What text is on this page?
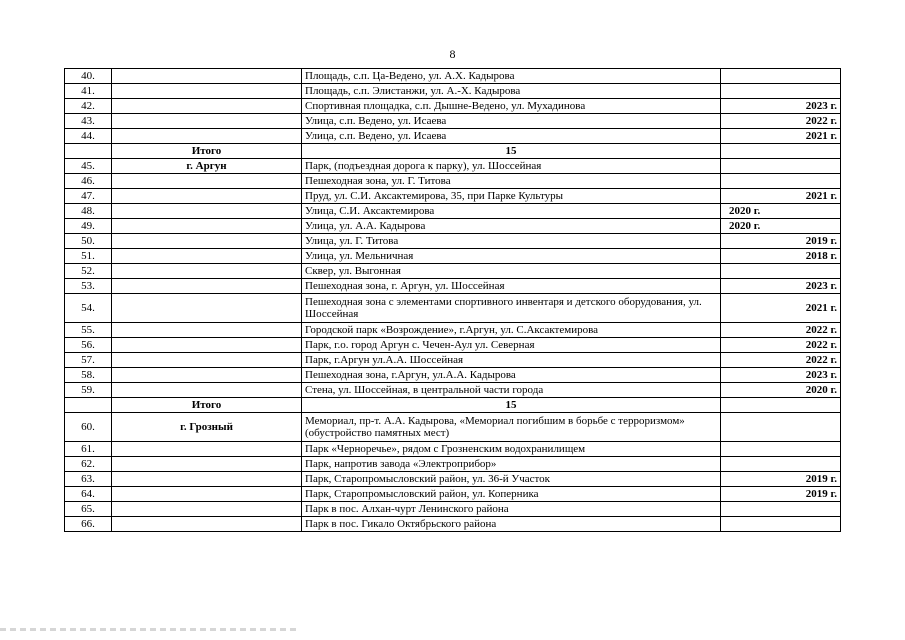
8
40.		Площадь, с.п. Ца-Ведено, ул. А.Х. Кадырова	
41.		Площадь, с.п. Элистанжи, ул. А.-Х. Кадырова	
42.		Спортивная площадка, с.п. Дышне-Ведено, ул. Мухадинова	2023 г.
43.		Улица, с.п. Ведено, ул. Исаева	2022 г.
44.		Улица, с.п. Ведено, ул. Исаева	2021 г.
	Итого	15	
45.	г. Аргун	Парк, (подъездная дорога к парку), ул. Шоссейная	
46.		Пешеходная зона, ул. Г. Титова	
47.		Пруд, ул. С.И. Аксактемирова, 35, при Парке Культуры	2021 г.
48.		Улица, С.И. Аксактемирова	2020 г.
49.		Улица, ул. А.А. Кадырова	2020 г.
50.		Улица, ул. Г. Титова	2019 г.
51.		Улица, ул. Мельничная	2018 г.
52.		Сквер, ул. Выгонная	
53.		Пешеходная зона, г. Аргун, ул. Шоссейная	2023 г.
54.		Пешеходная зона с элементами спортивного инвентаря и детского оборудования, ул. Шоссейная	2021 г.
55.		Городской парк «Возрождение», г.Аргун, ул. С.Аксактемирова	2022 г.
56.		Парк, г.о. город Аргун с. Чечен-Аул ул. Северная	2022 г.
57.		Парк, г.Аргун ул.А.А. Шоссейная	2022 г.
58.		Пешеходная зона, г.Аргун, ул.А.А. Кадырова	2023 г.
59.		Стена, ул. Шоссейная, в центральной части города	2020 г.
	Итого	15	
60.	г. Грозный	Мемориал, пр-т. А.А. Кадырова, «Мемориал погибшим в борьбе с терроризмом» (обустройство памятных мест)	
61.		Парк «Черноречье», рядом с Грозненским водохранилищем	
62.		Парк, напротив завода «Электроприбор»	
63.		Парк, Старопромысловский район, ул. 36-й Участок	2019 г.
64.		Парк, Старопромысловский район, ул. Коперника	2019 г.
65.		Парк в пос. Алхан-чурт Ленинского района	
66.		Парк в пос. Гикало Октябрьского района	
